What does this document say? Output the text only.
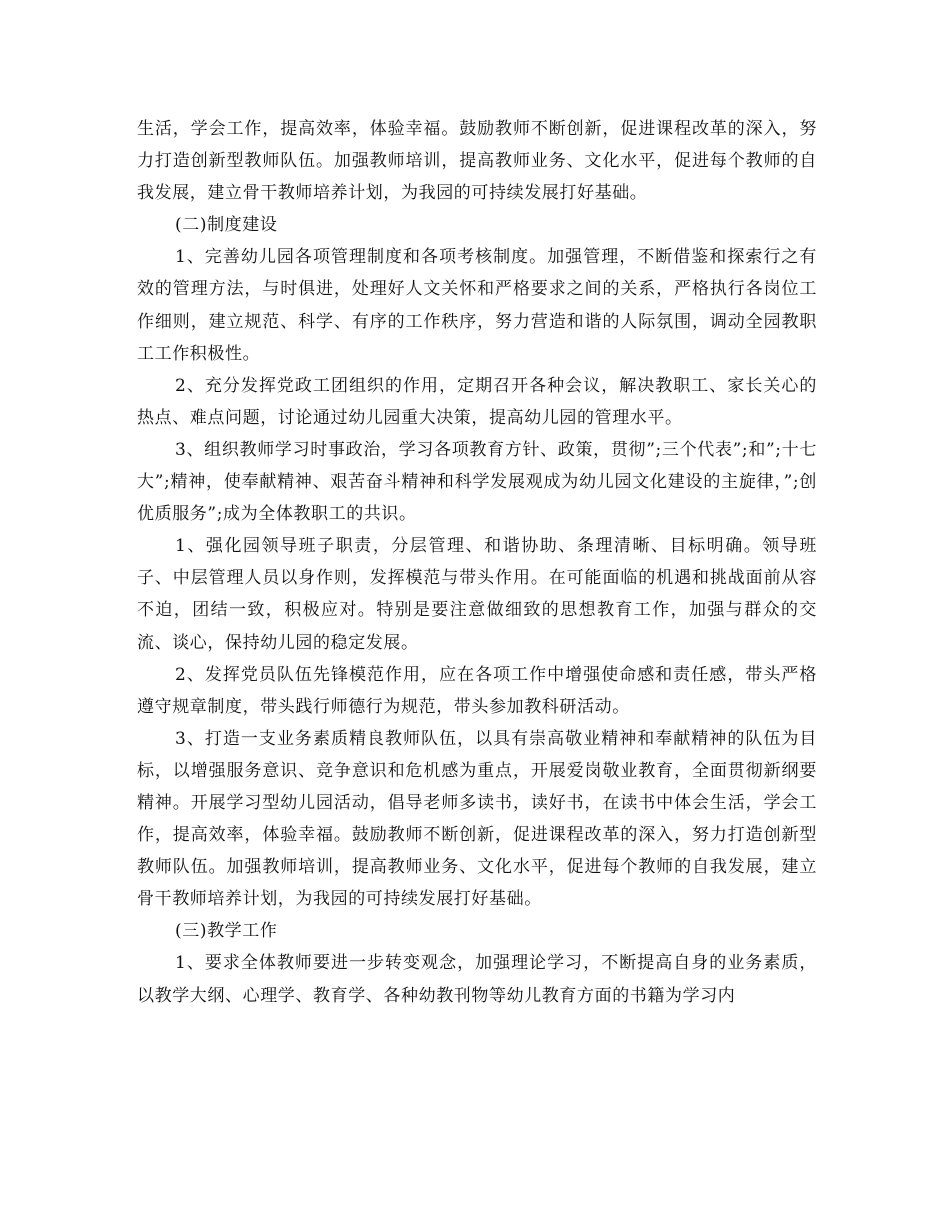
生活，学会工作，提高效率，体验幸福。鼓励教师不断创新，促进课程改革的深入，努力打造创新型教师队伍。加强教师培训，提高教师业务、文化水平，促进每个教师的自我发展，建立骨干教师培养计划，为我园的可持续发展打好基础。

(二)制度建设

1、完善幼儿园各项管理制度和各项考核制度。加强管理，不断借鉴和探索行之有效的管理方法，与时俱进，处理好人文关怀和严格要求之间的关系，严格执行各岗位工作细则，建立规范、科学、有序的工作秩序，努力营造和谐的人际氛围，调动全园教职工工作积极性。

2、充分发挥党政工团组织的作用，定期召开各种会议，解决教职工、家长关心的热点、难点问题，讨论通过幼儿园重大决策，提高幼儿园的管理水平。

3、组织教师学习时事政治，学习各项教育方针、政策，贯彻”;三个代表”;和”;十七大”;精神，使奉献精神、艰苦奋斗精神和科学发展观成为幼儿园文化建设的主旋律，”;创优质服务”;成为全体教职工的共识。

1、强化园领导班子职责，分层管理、和谐协助、条理清晰、目标明确。领导班子、中层管理人员以身作则，发挥模范与带头作用。在可能面临的机遇和挑战面前从容不迫，团结一致，积极应对。特别是要注意做细致的思想教育工作，加强与群众的交流、谈心，保持幼儿园的稳定发展。

2、发挥党员队伍先锋模范作用，应在各项工作中增强使命感和责任感，带头严格遵守规章制度，带头践行师德行为规范，带头参加教科研活动。

3、打造一支业务素质精良教师队伍，以具有崇高敬业精神和奉献精神的队伍为目标，以增强服务意识、竞争意识和危机感为重点，开展爱岗敬业教育，全面贯彻新纲要精神。开展学习型幼儿园活动，倡导老师多读书，读好书，在读书中体会生活，学会工作，提高效率，体验幸福。鼓励教师不断创新，促进课程改革的深入，努力打造创新型教师队伍。加强教师培训，提高教师业务、文化水平，促进每个教师的自我发展，建立骨干教师培养计划，为我园的可持续发展打好基础。

(三)教学工作

1、要求全体教师要进一步转变观念，加强理论学习，不断提高自身的业务素质，以教学大纲、心理学、教育学、各种幼教刊物等幼儿教育方面的书籍为学习内
